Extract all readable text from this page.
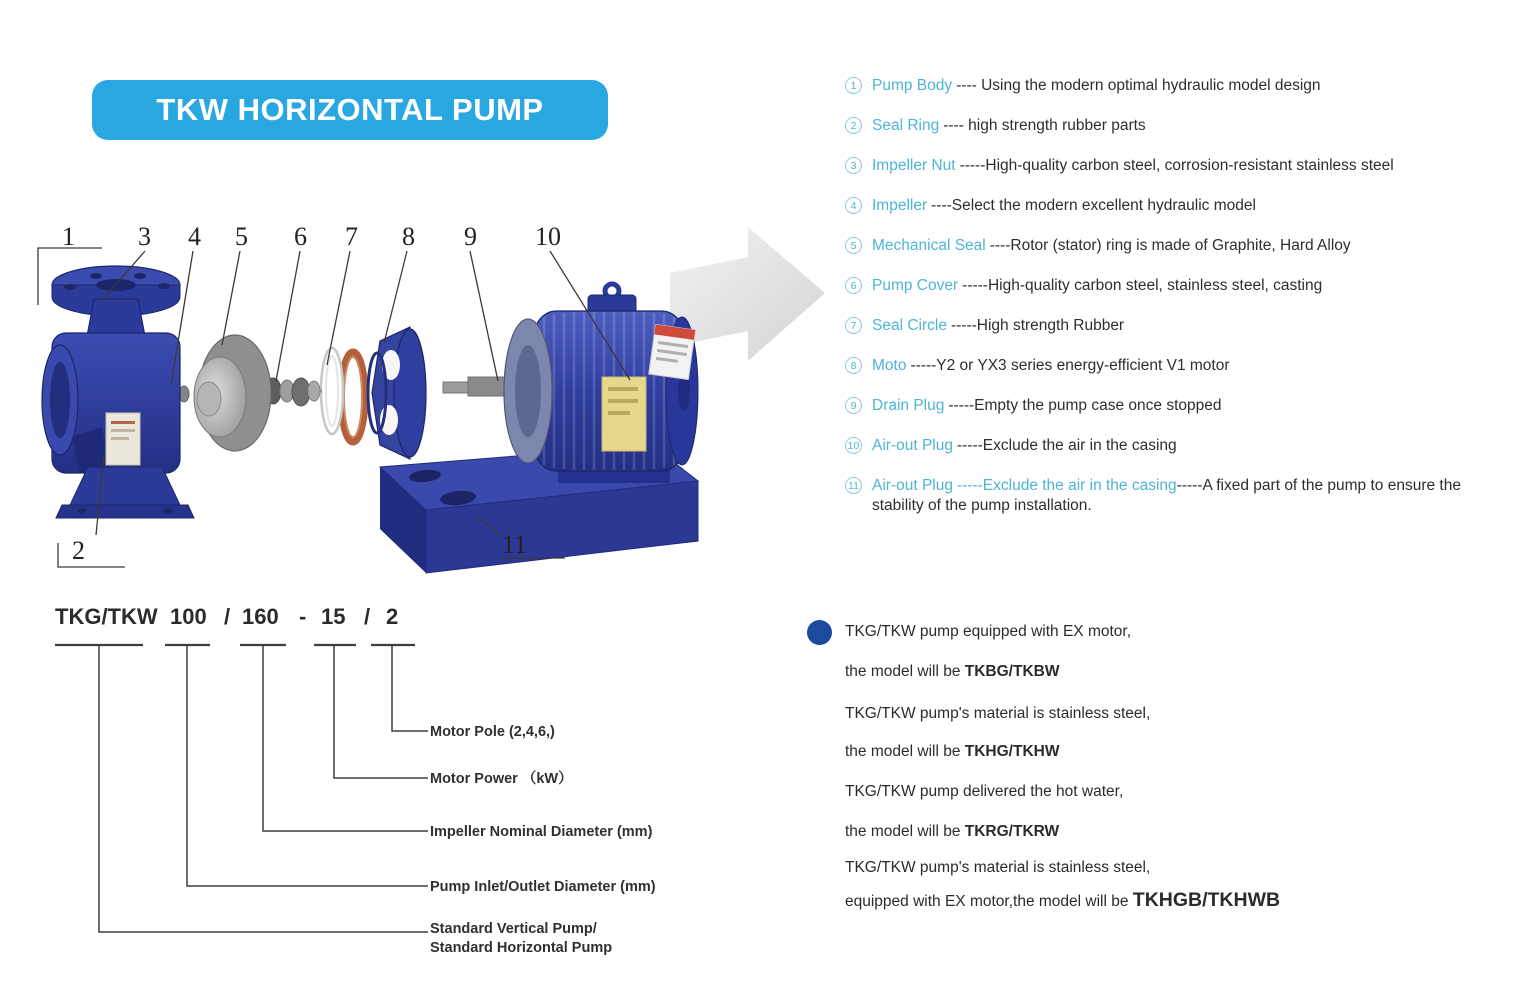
TKW HORIZONTAL PUMP
1 3 4 5 6 7 8 9 10
2	11
1	Pump Body ---- Using the modern optimal hydraulic model design
2	Seal Ring ---- high strength rubber parts
3	Impeller Nut -----High-quality carbon steel, corrosion-resistant stainless steel
4	Impeller ----Select the modern excellent hydraulic model
5	Mechanical Seal ----Rotor (stator) ring is made of Graphite, Hard Alloy
6	Pump Cover -----High-quality carbon steel, stainless steel, casting
7	Seal Circle -----High strength Rubber
8	Moto -----Y2 or YX3 series energy-efficient V1 motor
9	Drain Plug -----Empty the pump case once stopped
10 Air-out Plug -----Exclude the air in the casing
11 Air-out Plug -----Exclude the air in the casing-----A fixed part of the pump to ensure the stability of the pump installation.
TKG/TKW 100 / 160 - 15 / 2
Motor Pole (2,4,6,)
Motor Power （kW）
Impeller Nominal Diameter (mm)
Pump Inlet/Outlet Diameter (mm)
Standard Vertical Pump/
Standard Horizontal Pump
TKG/TKW pump equipped with EX motor,
the model will be TKBG/TKBW
TKG/TKW pump's material is stainless steel,
the model will be TKHG/TKHW
TKG/TKW pump delivered the hot water,
the model will be TKRG/TKRW
TKG/TKW pump's material is stainless steel,
equipped with EX motor,the model will be TKHGB/TKHWB
